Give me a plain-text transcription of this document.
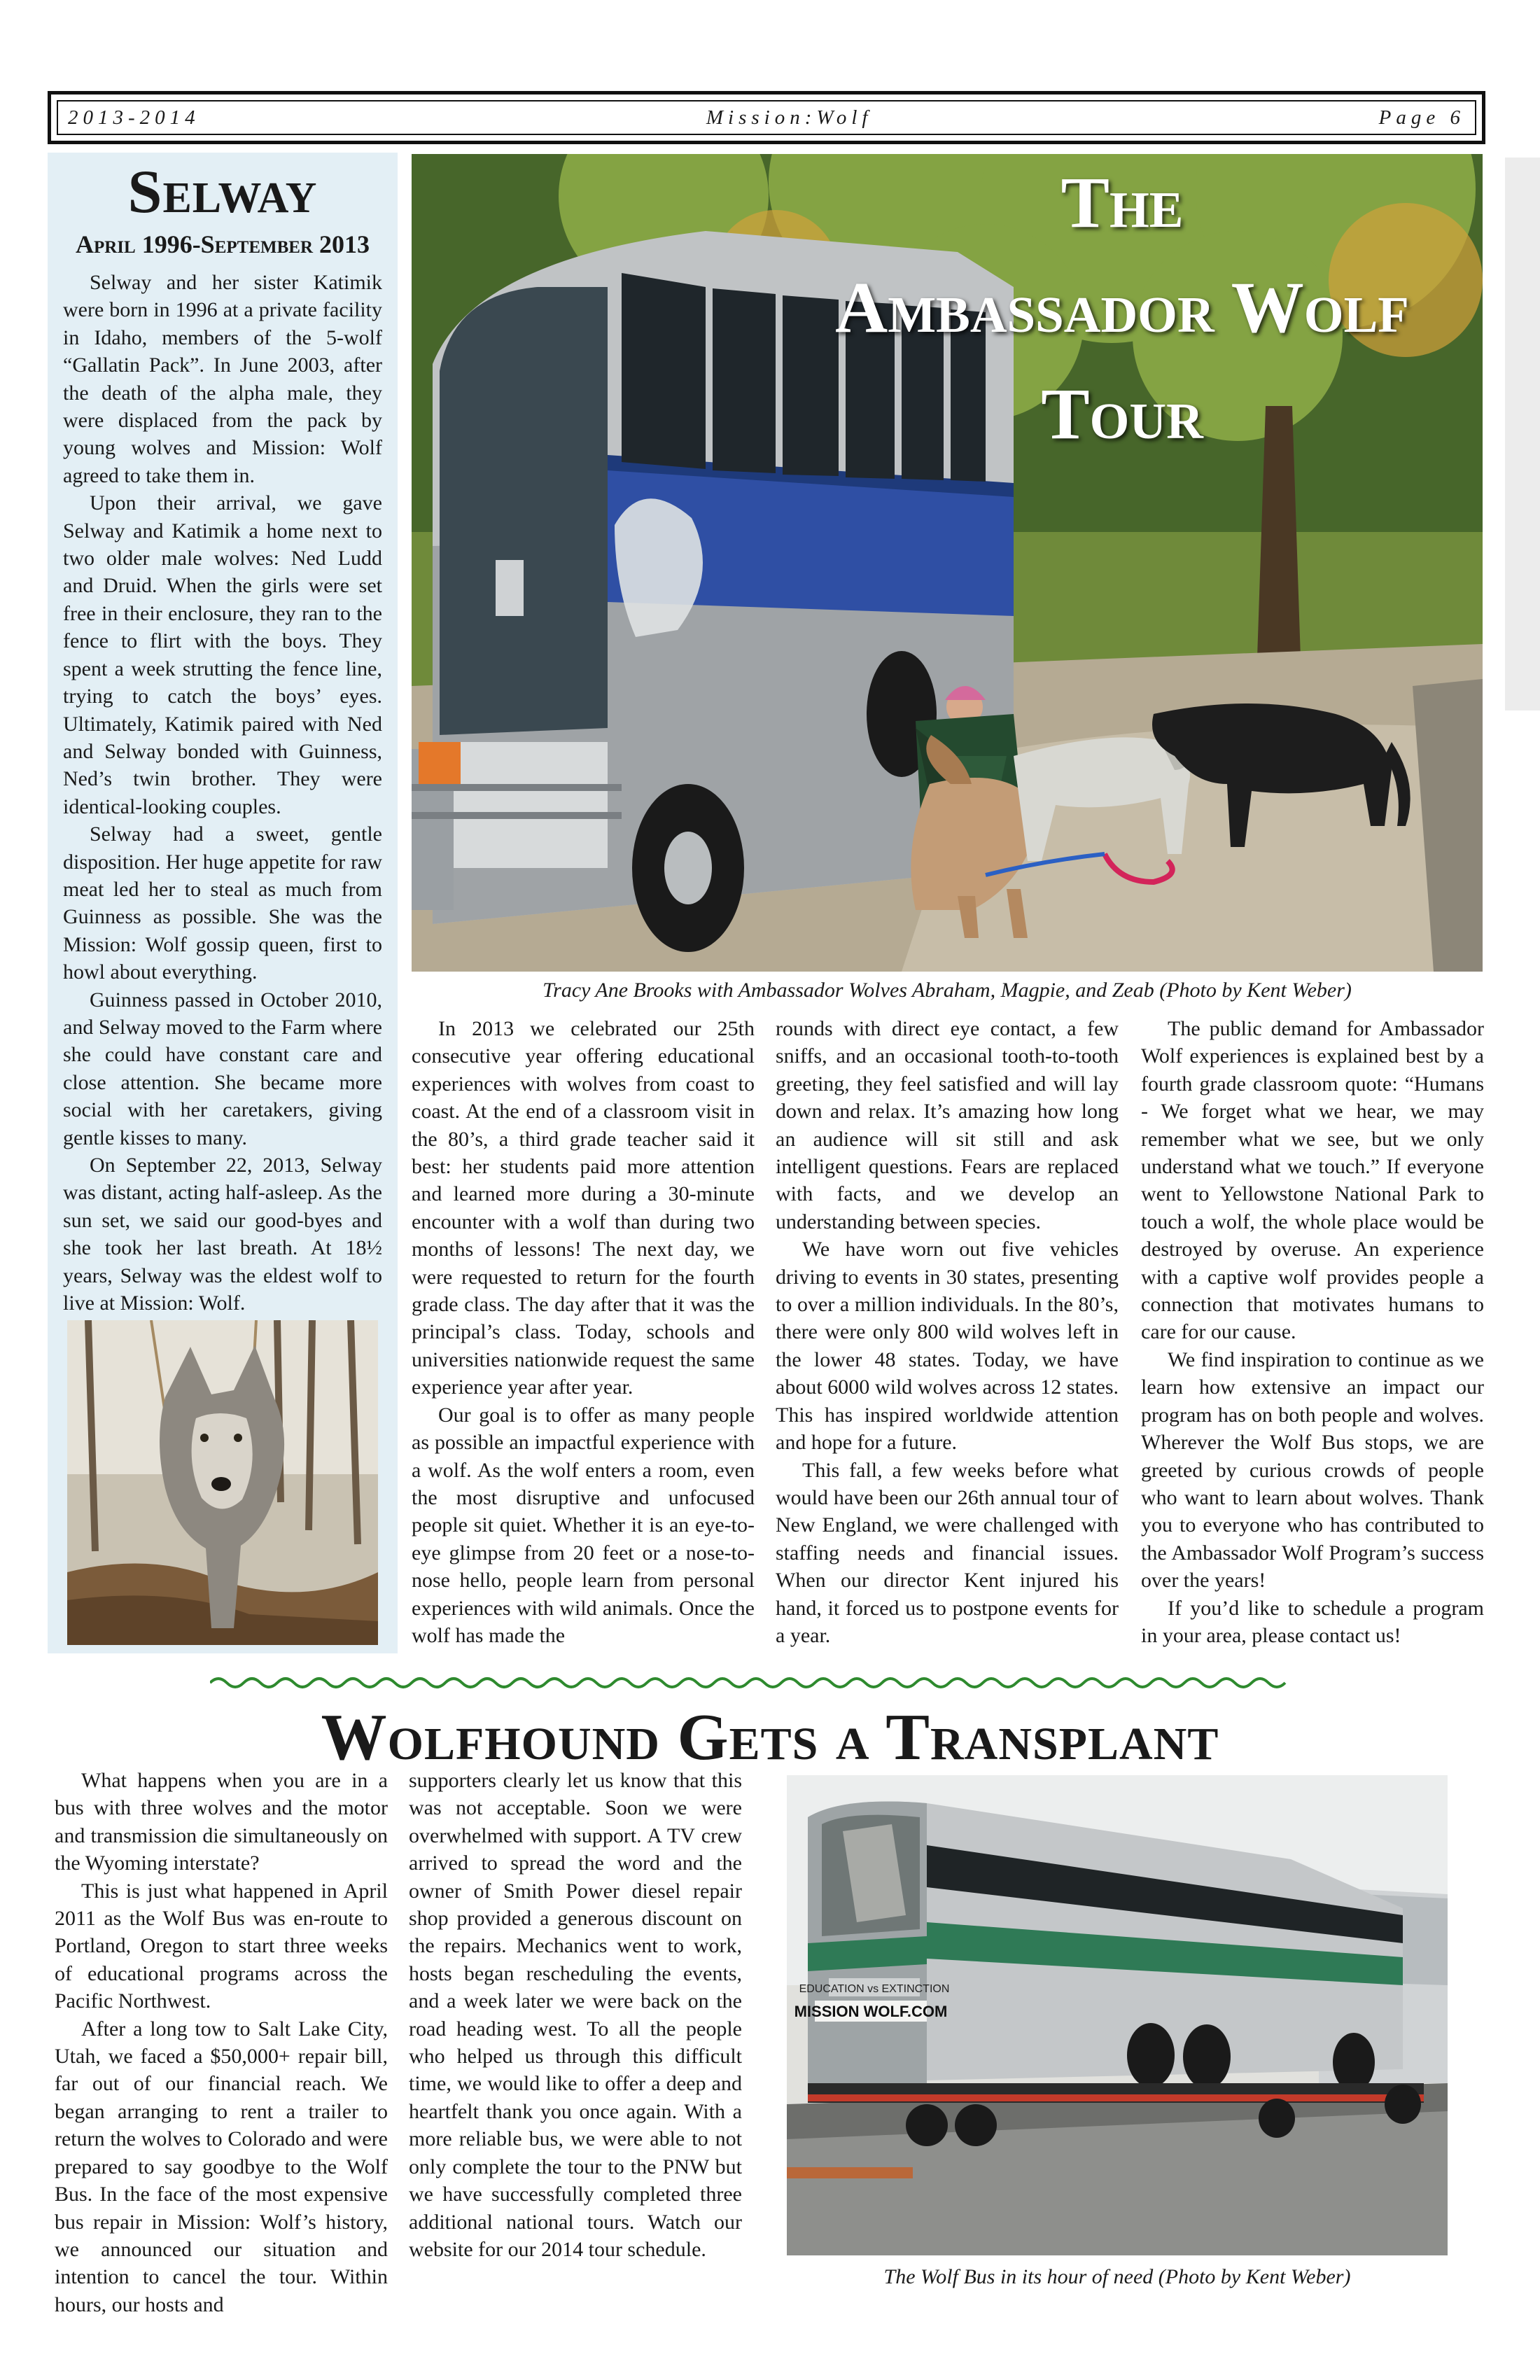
2013-2014	Mission:Wolf	Page 6
Selway
April 1996-September 2013

Selway and her sister Katimik were born in 1996 at a private facility in Idaho, members of the 5-wolf “Gallatin Pack”. In June 2003, after the death of the alpha male, they were displaced from the pack by young wolves and Mission: Wolf agreed to take them in.

Upon their arrival, we gave Selway and Katimik a home next to two older male wolves: Ned Ludd and Druid. When the girls were set free in their enclosure, they ran to the fence to flirt with the boys. They spent a week strutting the fence line, trying to catch the boys’ eyes. Ultimately, Katimik paired with Ned and Selway bonded with Guinness, Ned’s twin brother. They were identical-looking couples.

Selway had a sweet, gentle disposition. Her huge appetite for raw meat led her to steal as much from Guinness as possible. She was the Mission: Wolf gossip queen, first to howl about everything.

Guinness passed in October 2010, and Selway moved to the Farm where she could have constant care and close attention. She became more social with her caretakers, giving gentle kisses to many.

On September 22, 2013, Selway was distant, acting half-asleep. As the sun set, we said our good-byes and she took her last breath. At 18½ years, Selway was the eldest wolf to live at Mission: Wolf.

The
Ambassador Wolf
Tour
Tracy Ane Brooks with Ambassador Wolves Abraham, Magpie, and Zeab (Photo by Kent Weber)

In 2013 we celebrated our 25th consecutive year offering educational experiences with wolves from coast to coast. At the end of a classroom visit in the 80’s, a third grade teacher said it best: her students paid more attention and learned more during a 30-minute encounter with a wolf than during two months of lessons! The next day, we were requested to return for the fourth grade class. The day after that it was the principal’s class. Today, schools and universities nationwide request the same experience year after year.

Our goal is to offer as many people as possible an impactful experience with a wolf. As the wolf enters a room, even the most disruptive and unfocused people sit quiet. Whether it is an eye-to-eye glimpse from 20 feet or a nose-to-nose hello, people learn from personal experiences with wild animals. Once the wolf has made the

rounds with direct eye contact, a few sniffs, and an occasional tooth-to-tooth greeting, they feel satisfied and will lay down and relax. It’s amazing how long an audience will sit still and ask intelligent questions. Fears are replaced with facts, and we develop an understanding between species.

We have worn out five vehicles driving to events in 30 states, presenting to over a million individuals. In the 80’s, there were only 800 wild wolves left in the lower 48 states. Today, we have about 6000 wild wolves across 12 states. This has inspired worldwide attention and hope for a future.

This fall, a few weeks before what would have been our 26th annual tour of New England, we were challenged with staffing needs and financial issues. When our director Kent injured his hand, it forced us to postpone events for a year.

The public demand for Ambassador Wolf experiences is explained best by a fourth grade classroom quote: “Humans - We forget what we hear, we may remember what we see, but we only understand what we touch.” If everyone went to Yellowstone National Park to touch a wolf, the whole place would be destroyed by overuse. An experience with a captive wolf provides people a connection that motivates humans to care for our cause.

We find inspiration to continue as we learn how extensive an impact our program has on both people and wolves. Wherever the Wolf Bus stops, we are greeted by curious crowds of people who want to learn about wolves. Thank you to everyone who has contributed to the Ambassador Wolf Program’s success over the years!

If you’d like to schedule a program in your area, please contact us!

Wolfhound Gets a Transplant

What happens when you are in a bus with three wolves and the motor and transmission die simultaneously on the Wyoming interstate?

This is just what happened in April 2011 as the Wolf Bus was en-route to Portland, Oregon to start three weeks of educational programs across the Pacific Northwest.

After a long tow to Salt Lake City, Utah, we faced a $50,000+ repair bill, far out of our financial reach. We began arranging to rent a trailer to return the wolves to Colorado and were prepared to say goodbye to the Wolf Bus. In the face of the most expensive bus repair in Mission: Wolf’s history, we announced our situation and intention to cancel the tour. Within hours, our hosts and

supporters clearly let us know that this was not acceptable. Soon we were overwhelmed with support. A TV crew arrived to spread the word and the owner of Smith Power diesel repair shop provided a generous discount on the repairs. Mechanics went to work, hosts began rescheduling the events, and a week later we were back on the road heading west. To all the people who helped us through this difficult time, we would like to offer a deep and heartfelt thank you once again. With a more reliable bus, we were able to not only complete the tour to the PNW but we have successfully completed three additional national tours. Watch our website for our 2014 tour schedule.

EDUCATION vs EXTINCTION
MISSION WOLF.COM
The Wolf Bus in its hour of need (Photo by Kent Weber)
